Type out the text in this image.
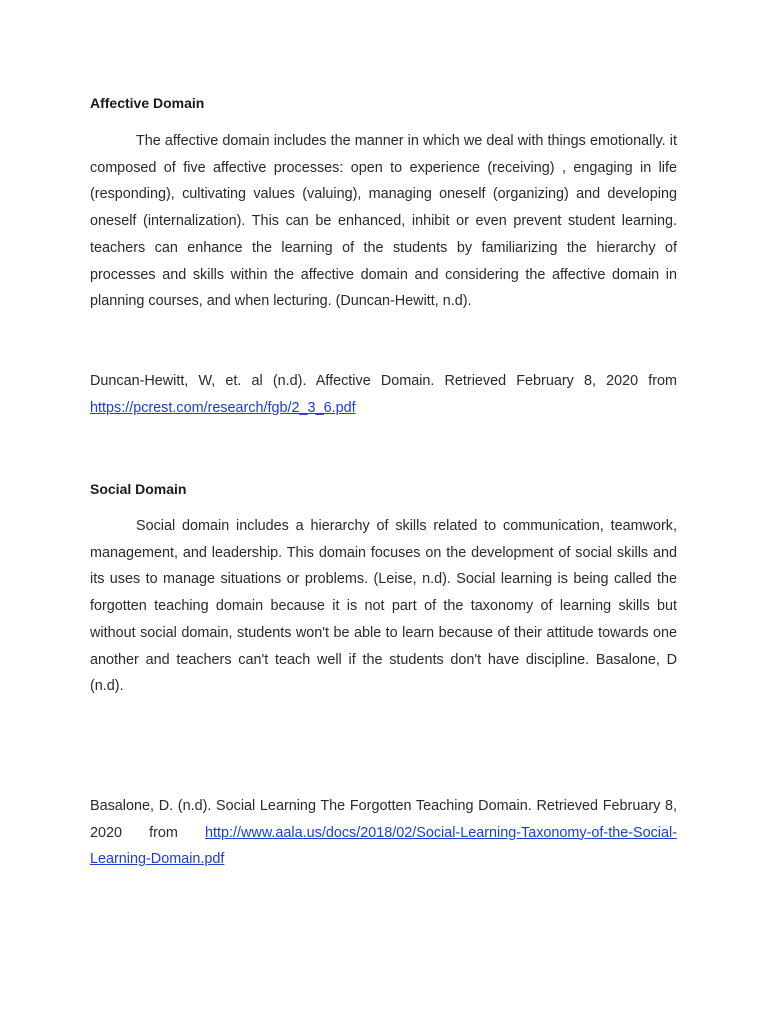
Affective Domain

The affective domain includes the manner in which we deal with things emotionally. it composed of five affective processes: open to experience (receiving) , engaging in life (responding), cultivating values (valuing), managing oneself (organizing) and developing oneself (internalization). This can be enhanced, inhibit or even prevent student learning. teachers can enhance the learning of the students by familiarizing the hierarchy of processes and skills within the affective domain and considering the affective domain in planning courses, and when lecturing. (Duncan-Hewitt, n.d).

Duncan-Hewitt, W, et. al (n.d). Affective Domain. Retrieved February 8, 2020 from https://pcrest.com/research/fgb/2_3_6.pdf

Social Domain

Social domain includes a hierarchy of skills related to communication, teamwork, management, and leadership. This domain focuses on the development of social skills and its uses to manage situations or problems. (Leise, n.d). Social learning is being called the forgotten teaching domain because it is not part of the taxonomy of learning skills but without social domain, students won't be able to learn because of their attitude towards one another and teachers can't teach well if the students don't have discipline. Basalone, D (n.d).

Basalone, D. (n.d). Social Learning The Forgotten Teaching Domain. Retrieved February 8, 2020 from http://www.aala.us/docs/2018/02/Social-Learning-Taxonomy-of-the-Social-Learning-Domain.pdf
